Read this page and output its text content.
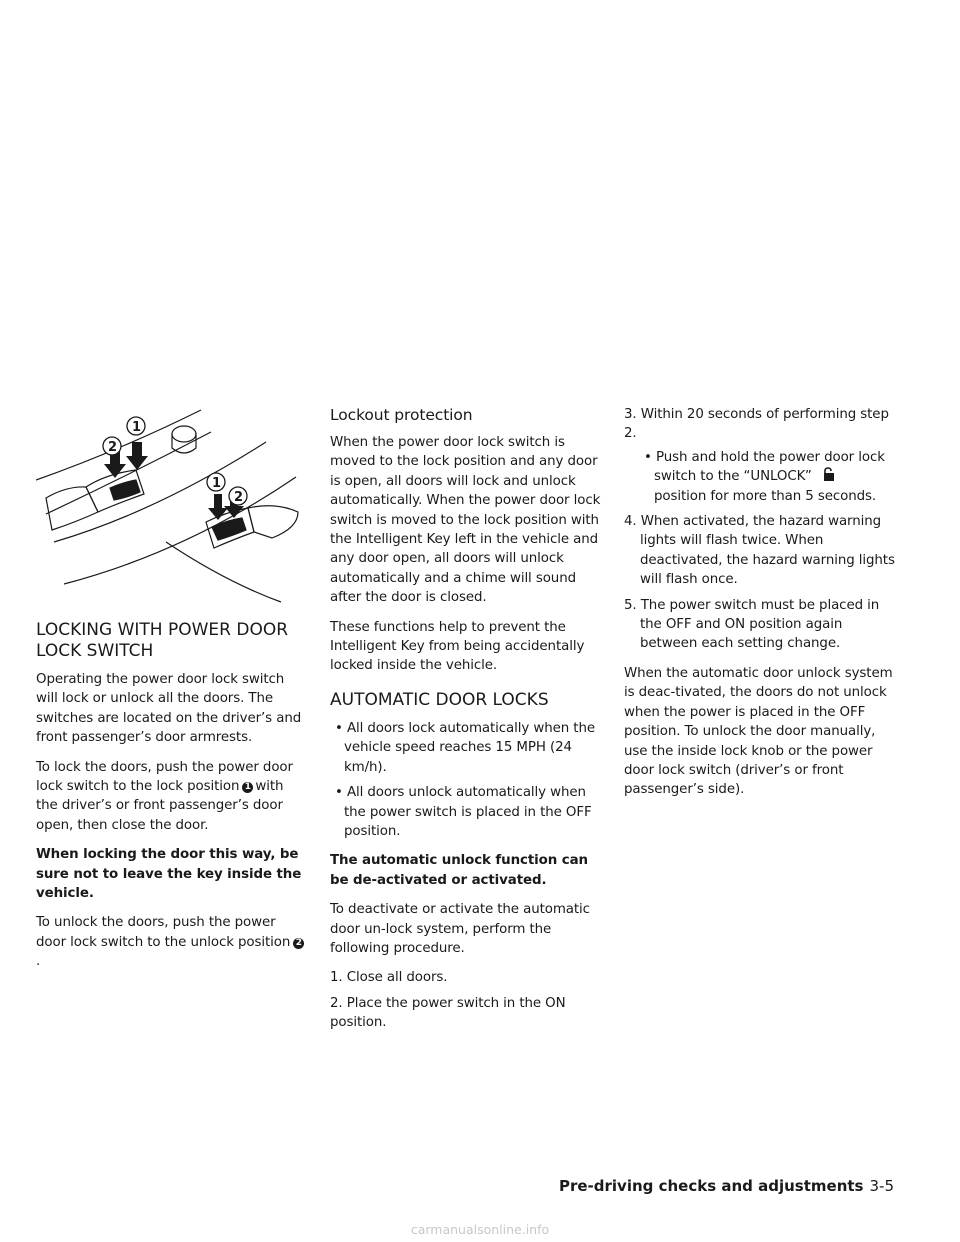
1
2
1
2
LOCKING WITH POWER DOOR
LOCK SWITCH

Operating the power door lock switch will lock or unlock all the doors. The switches are located on the driver’s and front passenger’s door armrests.

To lock the doors, push the power door lock switch to the lock position 1 with the driver’s or front passenger’s door open, then close the door.

When locking the door this way, be sure not to leave the key inside the vehicle.

To unlock the doors, push the power door lock switch to the unlock position 2.

Lockout protection

When the power door lock switch is moved to the lock position and any door is open, all doors will lock and unlock automatically. When the power door lock switch is moved to the lock position with the Intelligent Key left in the vehicle and any door open, all doors will unlock automatically and a chime will sound after the door is closed.

These functions help to prevent the Intelligent Key from being accidentally locked inside the vehicle.

AUTOMATIC DOOR LOCKS

• All doors lock automatically when the vehicle speed reaches 15 MPH (24 km/h).

• All doors unlock automatically when the power switch is placed in the OFF position.

The automatic unlock function can be de-activated or activated.

To deactivate or activate the automatic door un-lock system, perform the following procedure.

1. Close all doors.

2. Place the power switch in the ON position.

3. Within 20 seconds of performing step 2.

• Push and hold the power door lock switch to the “UNLOCK”position for more than 5 seconds.

4. When activated, the hazard warning lights will flash twice. When deactivated, the hazard warning lights will flash once.

5. The power switch must be placed in the OFF and ON position again between each setting change.

When the automatic door unlock system is deac-tivated, the doors do not unlock when the power is placed in the OFF position. To unlock the door manually, use the inside lock knob or the power door lock switch (driver’s or front passenger’s side).

Pre-driving checks and adjustments 3-5
carmanualsonline.info
